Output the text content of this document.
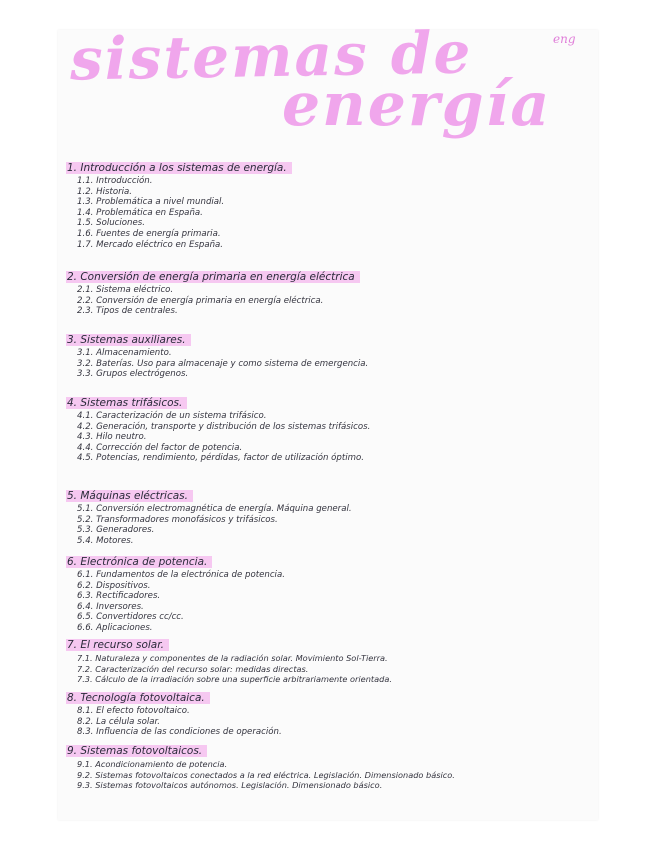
sistemas de
energía
eng
1. Introducción a los sistemas de energía.
1.1. Introducción.
1.2. Historia.
1.3. Problemática a nivel mundial.
1.4. Problemática en España.
1.5. Soluciones.
1.6. Fuentes de energía primaria.
1.7. Mercado eléctrico en España.
2. Conversión de energía primaria en energía eléctrica
2.1. Sistema eléctrico.
2.2. Conversión de energía primaria en energía eléctrica.
2.3. Tipos de centrales.
3. Sistemas auxiliares.
3.1. Almacenamiento.
3.2. Baterías. Uso para almacenaje y como sistema de emergencia.
3.3. Grupos electrógenos.
4. Sistemas trifásicos.
4.1. Caracterización de un sistema trifásico.
4.2. Generación, transporte y distribución de los sistemas trifásicos.
4.3. Hilo neutro.
4.4. Corrección del factor de potencia.
4.5. Potencias, rendimiento, pérdidas, factor de utilización óptimo.
5. Máquinas eléctricas.
5.1. Conversión electromagnética de energía. Máquina general.
5.2. Transformadores monofásicos y trifásicos.
5.3. Generadores.
5.4. Motores.
6. Electrónica de potencia.
6.1. Fundamentos de la electrónica de potencia.
6.2. Dispositivos.
6.3. Rectificadores.
6.4. Inversores.
6.5. Convertidores cc/cc.
6.6. Aplicaciones.
7. El recurso solar.
7.1. Naturaleza y componentes de la radiación solar. Movimiento Sol-Tierra.
7.2. Caracterización del recurso solar: medidas directas.
7.3. Cálculo de la irradiación sobre una superficie arbitrariamente orientada.
8. Tecnología fotovoltaica.
8.1. El efecto fotovoltaico.
8.2. La célula solar.
8.3. Influencia de las condiciones de operación.
9. Sistemas fotovoltaicos.
9.1. Acondicionamiento de potencia.
9.2. Sistemas fotovoltaicos conectados a la red eléctrica. Legislación. Dimensionado básico.
9.3. Sistemas fotovoltaicos autónomos. Legislación. Dimensionado básico.
